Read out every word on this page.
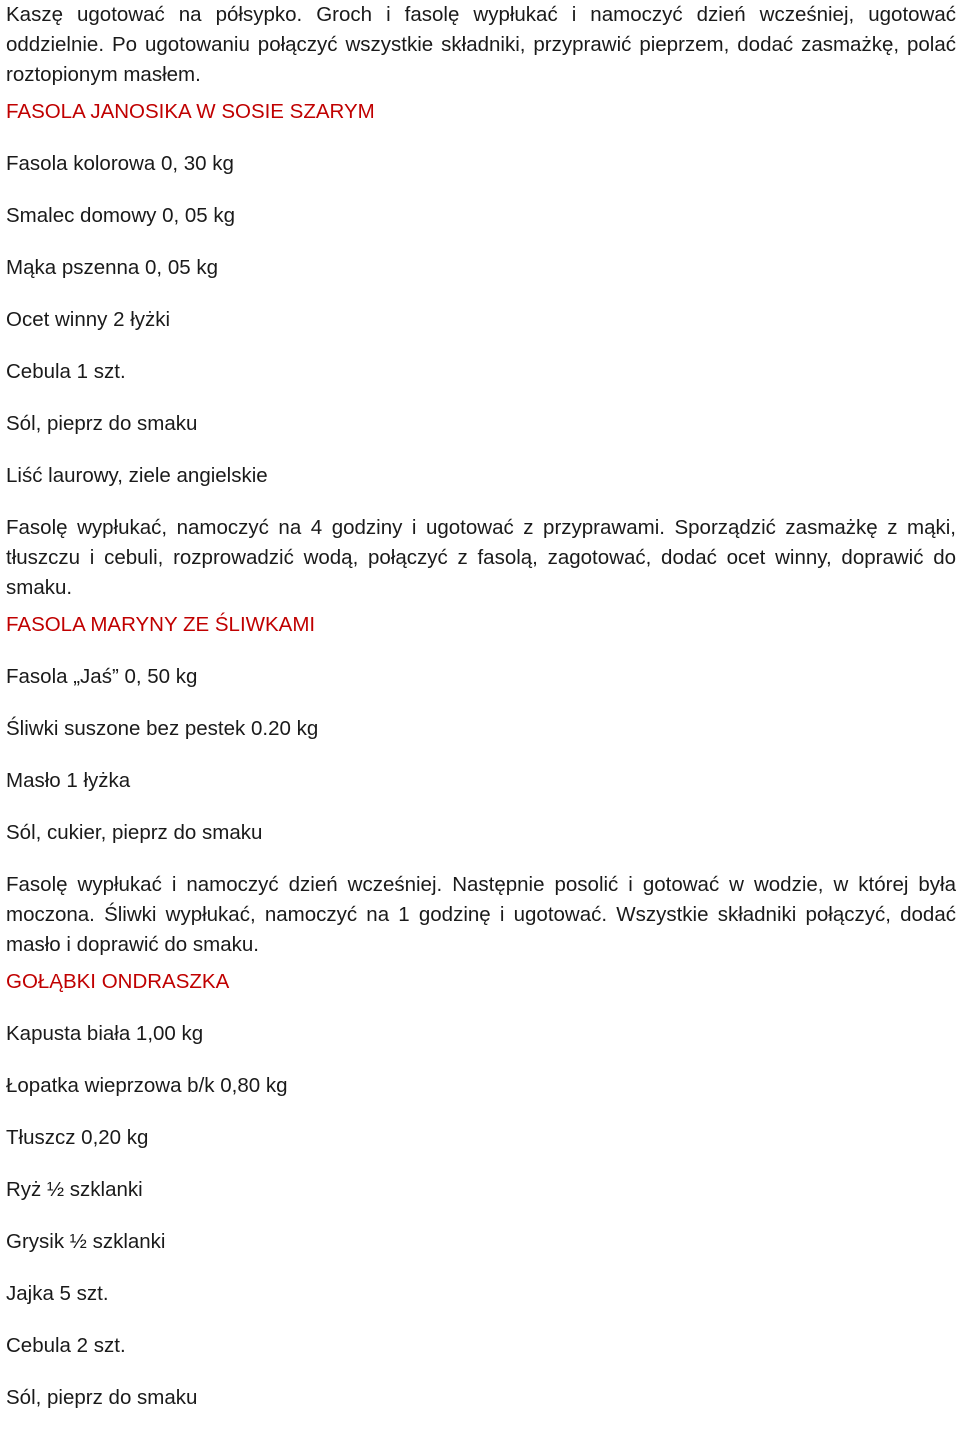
Kaszę ugotować na półsypko. Groch i fasolę wypłukać i namoczyć dzień wcześniej, ugotować oddzielnie. Po ugotowaniu połączyć wszystkie składniki, przyprawić pieprzem, dodać zasmażkę, polać roztopionym masłem.

FASOLA JANOSIKA W SOSIE SZARYM
Fasola kolorowa 0, 30 kg
Smalec domowy 0, 05 kg
Mąka pszenna 0, 05 kg
Ocet winny 2 łyżki
Cebula 1 szt.
Sól, pieprz do smaku
Liść laurowy, ziele angielskie

Fasolę wypłukać, namoczyć na 4 godziny i ugotować z przyprawami. Sporządzić zasmażkę z mąki, tłuszczu i cebuli, rozprowadzić wodą, połączyć z fasolą, zagotować, dodać ocet winny, doprawić do smaku.

FASOLA MARYNY ZE ŚLIWKAMI
Fasola „Jaś” 0, 50 kg
Śliwki suszone bez pestek 0.20 kg
Masło 1 łyżka
Sól, cukier, pieprz do smaku

Fasolę wypłukać i namoczyć dzień wcześniej. Następnie posolić i gotować w wodzie, w której była moczona. Śliwki wypłukać, namoczyć na 1 godzinę i ugotować. Wszystkie składniki połączyć, dodać masło i doprawić do smaku.

GOŁĄBKI ONDRASZKA
Kapusta biała 1,00 kg
Łopatka wieprzowa b/k 0,80 kg
Tłuszcz 0,20 kg
Ryż ½ szklanki
Grysik ½ szklanki
Jajka 5 szt.
Cebula 2 szt.
Sól, pieprz do smaku
